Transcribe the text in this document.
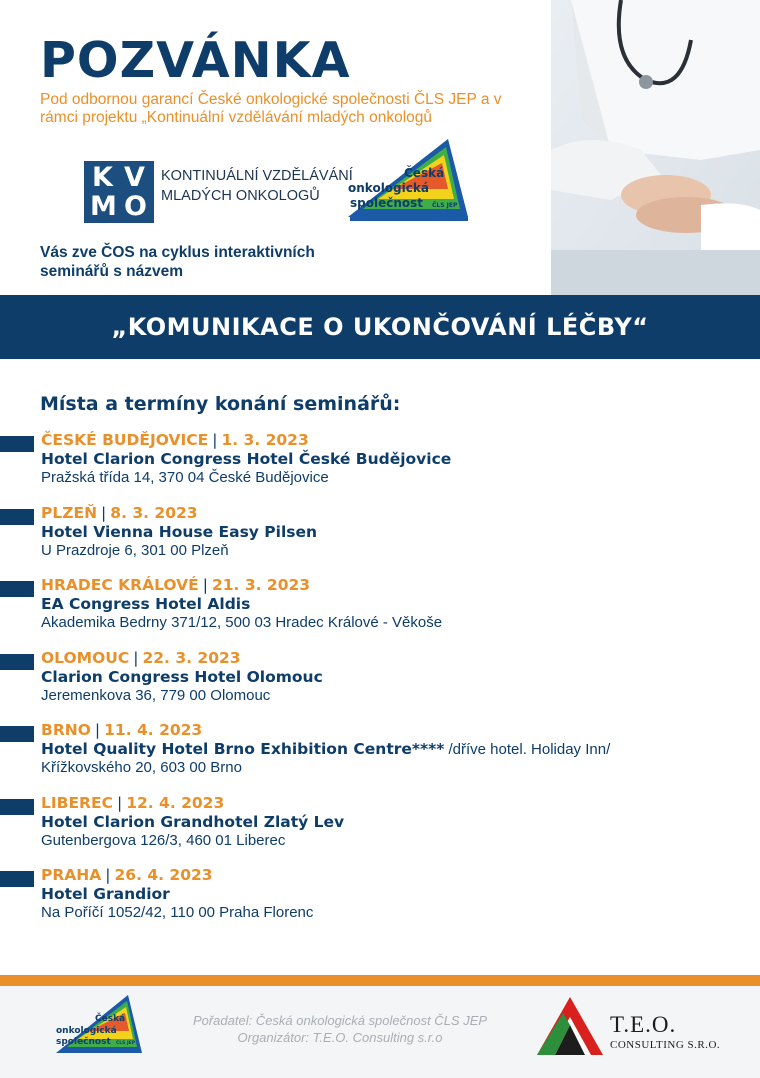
POZVÁNKA
Pod odbornou garancí České onkologické společnosti ČLS JEP a v rámci projektu „Kontinuální vzdělávání mladých onkologů
K V
M O
KONTINUÁLNÍ VZDĚLÁVÁNÍ
MLADÝCH ONKOLOGŮ
Česká
onkologická
společnost ČLS JEP
Vás zve ČOS na cyklus interaktivních seminářů s názvem
„KOMUNIKACE O UKONČOVÁNÍ LÉČBY“
Místa a termíny konání seminářů:
ČESKÉ BUDĚJOVICE | 1. 3. 2023
Hotel Clarion Congress Hotel České Budějovice
Pražská třída 14, 370 04 České Budějovice
PLZEŇ | 8. 3. 2023
Hotel Vienna House Easy Pilsen
U Prazdroje 6, 301 00 Plzeň
HRADEC KRÁLOVÉ | 21. 3. 2023
EA Congress Hotel Aldis
Akademika Bedrny 371/12, 500 03 Hradec Králové - Věkoše
OLOMOUC | 22. 3. 2023
Clarion Congress Hotel Olomouc
Jeremenkova 36, 779 00 Olomouc
BRNO | 11. 4. 2023
Hotel Quality Hotel Brno Exhibition Centre**** /dříve hotel. Holiday Inn/
Křížkovského 20, 603 00 Brno
LIBEREC | 12. 4. 2023
Hotel Clarion Grandhotel Zlatý Lev
Gutenbergova 126/3, 460 01 Liberec
PRAHA | 26. 4. 2023
Hotel Grandior
Na Poříčí 1052/42, 110 00 Praha Florenc
Česká
onkologická
společnost ČLS JEP
Pořadatel: Česká onkologická společnost ČLS JEP
Organizátor: T.E.O. Consulting s.r.o
T.E.O.
CONSULTING S.R.O.
